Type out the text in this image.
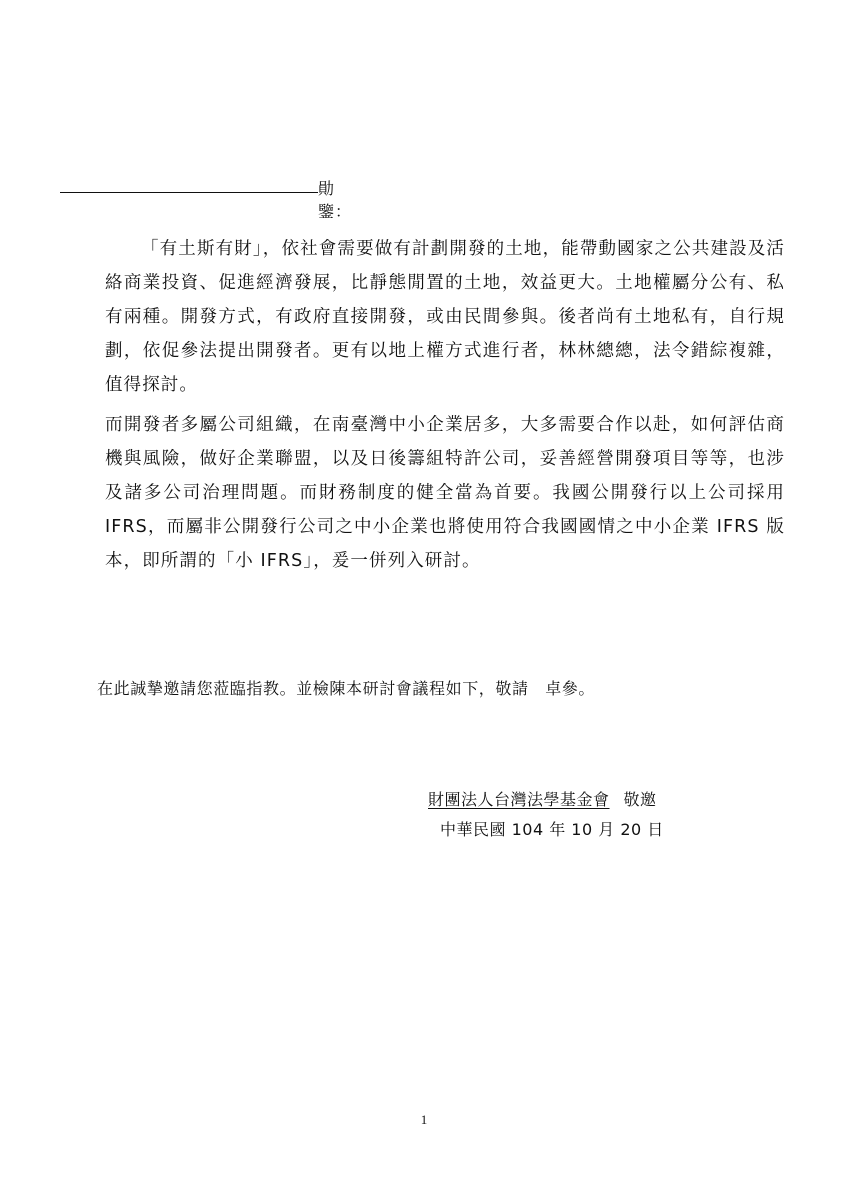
勛鑒：

「有土斯有財」，依社會需要做有計劃開發的土地，能帶動國家之公共建設及活絡商業投資、促進經濟發展，比靜態閒置的土地，效益更大。土地權屬分公有、私有兩種。開發方式，有政府直接開發，或由民間參與。後者尚有土地私有，自行規劃，依促參法提出開發者。更有以地上權方式進行者，林林總總，法令錯綜複雜，值得探討。

而開發者多屬公司組織，在南臺灣中小企業居多，大多需要合作以赴，如何評估商機與風險，做好企業聯盟，以及日後籌組特許公司，妥善經營開發項目等等，也涉及諸多公司治理問題。而財務制度的健全當為首要。我國公開發行以上公司採用IFRS，而屬非公開發行公司之中小企業也將使用符合我國國情之中小企業 IFRS 版本，即所謂的「小 IFRS」，爰一併列入研討。

在此誠摯邀請您蒞臨指教。並檢陳本研討會議程如下，敬請　卓參。

財團法人台灣法學基金會 敬邀
中華民國 104 年 10 月 20 日
1
